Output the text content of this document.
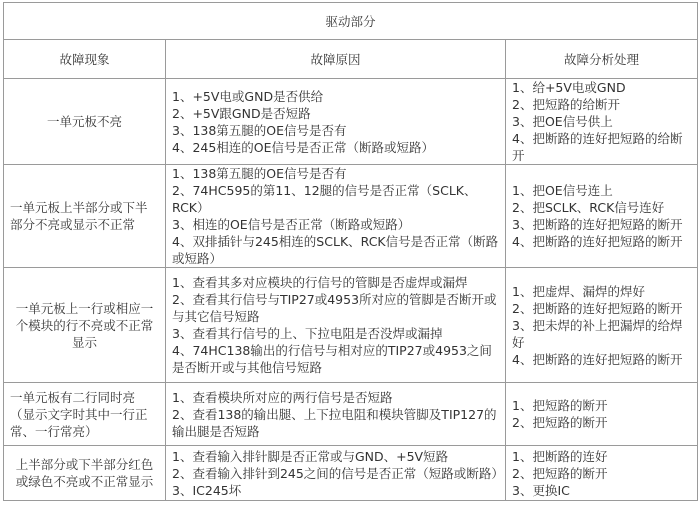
驱动部分		
故障现象	故障原因	故障分析处理
一单元板不亮	1、+5V电或GND是否供给
2、+5V跟GND是否短路
3、138第五腿的OE信号是否有
4、245相连的OE信号是否正常（断路或短路）	1、给+5V电或GND
2、把短路的给断开
3、把OE信号供上
4、把断路的连好把短路的给断开

一单元板上半部分或下半部分不亮或显示不正常	1、138第五腿的OE信号是否有
2、74HC595的第11、12腿的信号是否正常（SCLK、RCK）
3、相连的OE信号是否正常（断路或短路）
4、双排插针与245相连的SCLK、RCK信号是否正常（断路或短路）	1、把OE信号连上
2、把SCLK、RCK信号连好
3、把断路的连好把短路的断开
4、把断路的连好把短路的断开

一单元板上一行或相应一个模块的行不亮或不正常显示	1、查看其多对应模块的行信号的管脚是否虚焊或漏焊
2、查看其行信号与TIP27或4953所对应的管脚是否断开或与其它信号短路
3、查看其行信号的上、下拉电阻是否没焊或漏掉
4、74HC138输出的行信号与相对应的TIP27或4953之间是否断开或与其他信号短路	1、把虚焊、漏焊的焊好
2、把断路的连好把短路的断开
3、把未焊的补上把漏焊的给焊好
4、把断路的连好把短路的断开

一单元板有二行同时亮（显示文字时其中一行正常、一行常亮）	1、查看模块所对应的两行信号是否短路
2、查看138的输出腿、上下拉电阻和模块管脚及TIP127的输出腿是否短路	1、把短路的断开
2、把短路的断开

上半部分或下半部分红色或绿色不亮或不正常显示	1、查看输入排针脚是否正常或与GND、+5V短路
2、查看输入排针到245之间的信号是否正常（短路或断路）
3、IC245坏	1、把断路的连好
2、把短路的断开
3、更换IC
